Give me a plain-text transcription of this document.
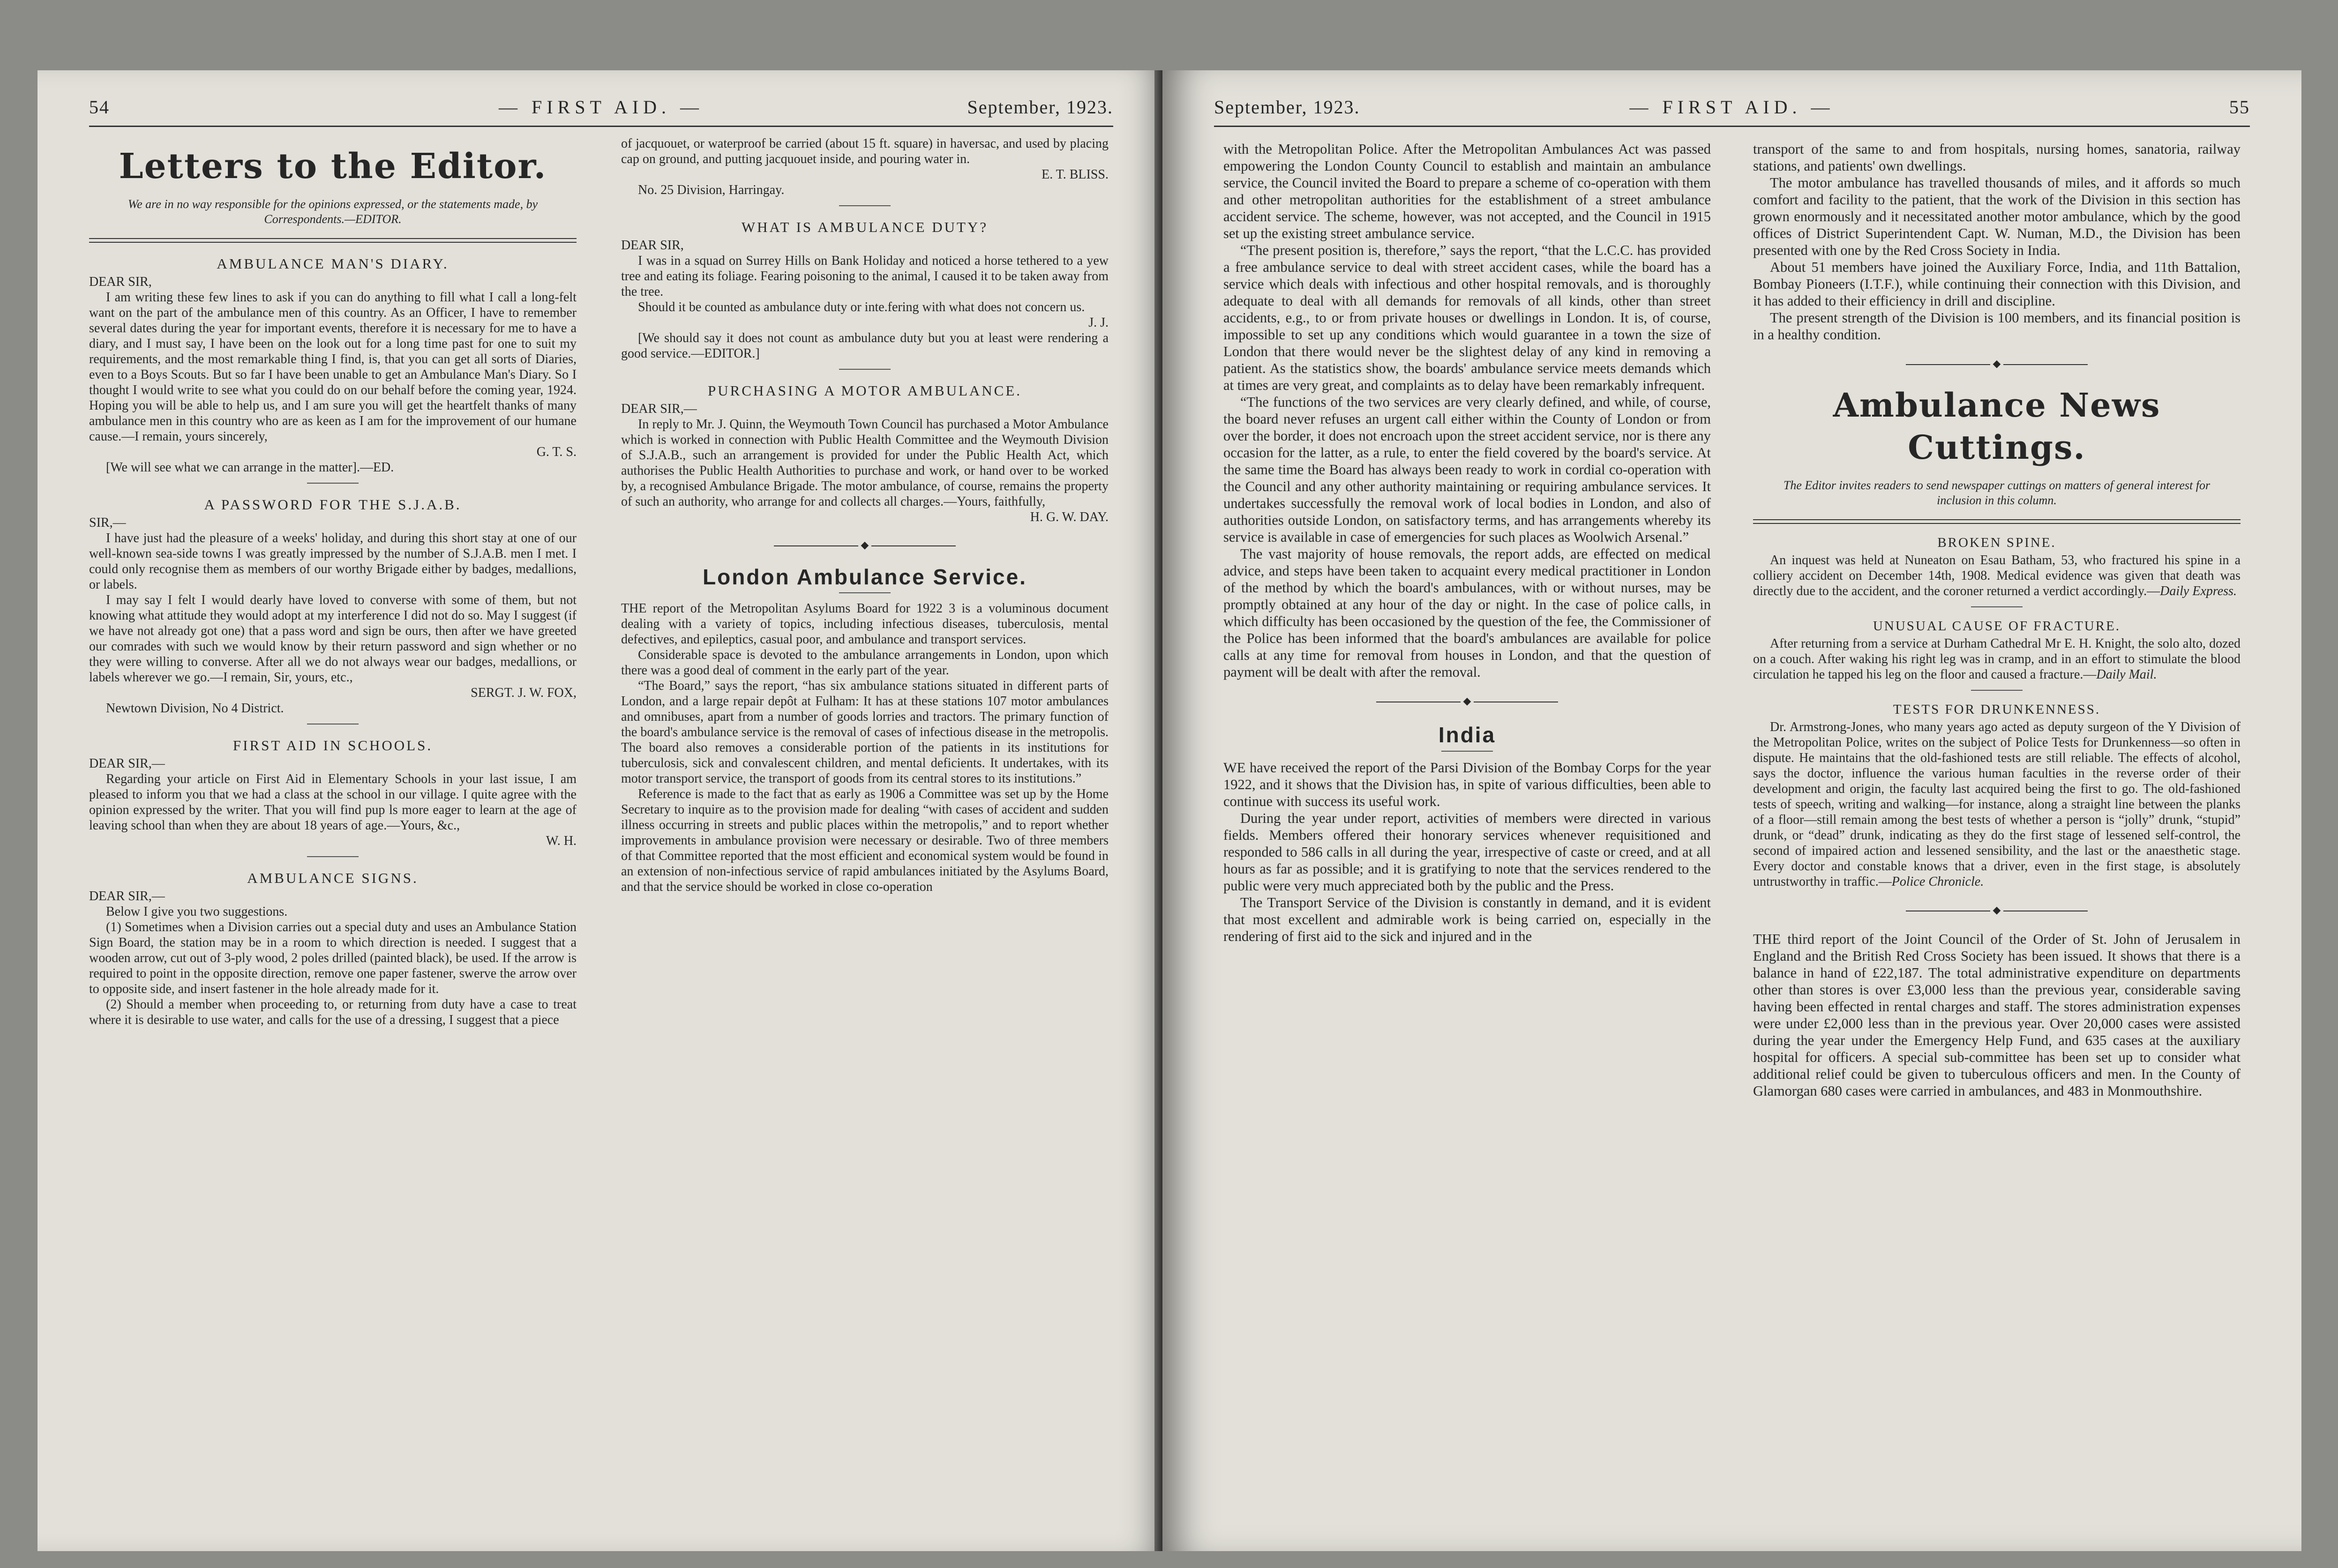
54	— FIRST AID. —	September, 1923.
Letters to the Editor.
We are in no way responsible for the opinions expressed, or the statements made, by Correspondents.—EDITOR.
AMBULANCE MAN'S DIARY.

DEAR SIR,

I am writing these few lines to ask if you can do anything to fill what I call a long-felt want on the part of the ambulance men of this country. As an Officer, I have to remember several dates during the year for important events, therefore it is necessary for me to have a diary, and I must say, I have been on the look out for a long time past for one to suit my requirements, and the most remarkable thing I find, is, that you can get all sorts of Diaries, even to a Boys Scouts. But so far I have been unable to get an Ambulance Man's Diary. So I thought I would write to see what you could do on our behalf before the coming year, 1924. Hoping you will be able to help us, and I am sure you will get the heartfelt thanks of many ambulance men in this country who are as keen as I am for the improvement of our humane cause.—I remain, yours sincerely,

G. T. S.

[We will see what we can arrange in the matter].—ED.

A PASSWORD FOR THE S.J.A.B.

SIR,—

I have just had the pleasure of a weeks' holiday, and during this short stay at one of our well-known sea-side towns I was greatly impressed by the number of S.J.A.B. men I met. I could only recognise them as members of our worthy Brigade either by badges, medallions, or labels.

I may say I felt I would dearly have loved to converse with some of them, but not knowing what attitude they would adopt at my interference I did not do so. May I suggest (if we have not already got one) that a pass word and sign be ours, then after we have greeted our comrades with such we would know by their return password and sign whether or no they were willing to converse. After all we do not always wear our badges, medallions, or labels wherever we go.—I remain, Sir, yours, etc.,

SERGT. J. W. FOX,

Newtown Division, No 4 District.

FIRST AID IN SCHOOLS.

DEAR SIR,—

Regarding your article on First Aid in Elementary Schools in your last issue, I am pleased to inform you that we had a class at the school in our village. I quite agree with the opinion expressed by the writer. That you will find pup ls more eager to learn at the age of leaving school than when they are about 18 years of age.—Yours, &c.,

W. H.

AMBULANCE SIGNS.

DEAR SIR,—

Below I give you two suggestions.

(1) Sometimes when a Division carries out a special duty and uses an Ambulance Station Sign Board, the station may be in a room to which direction is needed. I suggest that a wooden arrow, cut out of 3-ply wood, 2 poles drilled (painted black), be used. If the arrow is required to point in the opposite direction, remove one paper fastener, swerve the arrow over to opposite side, and insert fastener in the hole already made for it.

(2) Should a member when proceeding to, or returning from duty have a case to treat where it is desirable to use water, and calls for the use of a dressing, I suggest that a piece

of jacquouet, or waterproof be carried (about 15 ft. square) in haversac, and used by placing cap on ground, and putting jacquouet inside, and pouring water in.

E. T. BLISS.

No. 25 Division, Harringay.

WHAT IS AMBULANCE DUTY?

DEAR SIR,

I was in a squad on Surrey Hills on Bank Holiday and noticed a horse tethered to a yew tree and eating its foliage. Fearing poisoning to the animal, I caused it to be taken away from the tree.

Should it be counted as ambulance duty or inte.fering with what does not concern us.

J. J.

[We should say it does not count as ambulance duty but you at least were rendering a good service.—EDITOR.]

PURCHASING A MOTOR AMBULANCE.

DEAR SIR,—

In reply to Mr. J. Quinn, the Weymouth Town Council has purchased a Motor Ambulance which is worked in connection with Public Health Committee and the Weymouth Division of S.J.A.B., such an arrangement is provided for under the Public Health Act, which authorises the Public Health Authorities to purchase and work, or hand over to be worked by, a recognised Ambulance Brigade. The motor ambulance, of course, remains the property of such an authority, who arrange for and collects all charges.—Yours, faithfully,

H. G. W. DAY.

◆
London Ambulance Service.

THE report of the Metropolitan Asylums Board for 1922 3 is a voluminous document dealing with a variety of topics, including infectious diseases, tuberculosis, mental defectives, and epileptics, casual poor, and ambulance and transport services.

Considerable space is devoted to the ambulance arrangements in London, upon which there was a good deal of comment in the early part of the year.

“The Board,” says the report, “has six ambulance stations situated in different parts of London, and a large repair depôt at Fulham: It has at these stations 107 motor ambulances and omnibuses, apart from a number of goods lorries and tractors. The primary function of the board's ambulance service is the removal of cases of infectious disease in the metropolis. The board also removes a considerable portion of the patients in its institutions for tuberculosis, sick and convalescent children, and mental deficients. It undertakes, with its motor transport service, the transport of goods from its central stores to its institutions.”

Reference is made to the fact that as early as 1906 a Committee was set up by the Home Secretary to inquire as to the provision made for dealing “with cases of accident and sudden illness occurring in streets and public places within the metropolis,” and to report whether improvements in ambulance provision were necessary or desirable. Two of three members of that Committee reported that the most efficient and economical system would be found in an extension of non-infectious service of rapid ambulances initiated by the Asylums Board, and that the service should be worked in close co-operation

September, 1923.	— FIRST AID. —	55

with the Metropolitan Police. After the Metropolitan Ambulances Act was passed empowering the London County Council to establish and maintain an ambulance service, the Council invited the Board to prepare a scheme of co-operation with them and other metropolitan authorities for the establishment of a street ambulance accident service. The scheme, however, was not accepted, and the Council in 1915 set up the existing street ambulance service.

“The present position is, therefore,” says the report, “that the L.C.C. has provided a free ambulance service to deal with street accident cases, while the board has a service which deals with infectious and other hospital removals, and is thoroughly adequate to deal with all demands for removals of all kinds, other than street accidents, e.g., to or from private houses or dwellings in London. It is, of course, impossible to set up any conditions which would guarantee in a town the size of London that there would never be the slightest delay of any kind in removing a patient. As the statistics show, the boards' ambulance service meets demands which at times are very great, and complaints as to delay have been remarkably infrequent.

“The functions of the two services are very clearly defined, and while, of course, the board never refuses an urgent call either within the County of London or from over the border, it does not encroach upon the street accident service, nor is there any occasion for the latter, as a rule, to enter the field covered by the board's service. At the same time the Board has always been ready to work in cordial co-operation with the Council and any other authority maintaining or requiring ambulance services. It undertakes successfully the removal work of local bodies in London, and also of authorities outside London, on satisfactory terms, and has arrangements whereby its service is available in case of emergencies for such places as Woolwich Arsenal.”

The vast majority of house removals, the report adds, are effected on medical advice, and steps have been taken to acquaint every medical practitioner in London of the method by which the board's ambulances, with or without nurses, may be promptly obtained at any hour of the day or night. In the case of police calls, in which difficulty has been occasioned by the question of the fee, the Commissioner of the Police has been informed that the board's ambulances are available for police calls at any time for removal from houses in London, and that the question of payment will be dealt with after the removal.

◆
India

WE have received the report of the Parsi Division of the Bombay Corps for the year 1922, and it shows that the Division has, in spite of various difficulties, been able to continue with success its useful work.

During the year under report, activities of members were directed in various fields. Members offered their honorary services whenever requisitioned and responded to 586 calls in all during the year, irrespective of caste or creed, and at all hours as far as possible; and it is gratifying to note that the services rendered to the public were very much appreciated both by the public and the Press.

The Transport Service of the Division is constantly in demand, and it is evident that most excellent and admirable work is being carried on, especially in the rendering of first aid to the sick and injured and in the

transport of the same to and from hospitals, nursing homes, sanatoria, railway stations, and patients' own dwellings.

The motor ambulance has travelled thousands of miles, and it affords so much comfort and facility to the patient, that the work of the Division in this section has grown enormously and it necessitated another motor ambulance, which by the good offices of District Superintendent Capt. W. Numan, M.D., the Division has been presented with one by the Red Cross Society in India.

About 51 members have joined the Auxiliary Force, India, and 11th Battalion, Bombay Pioneers (I.T.F.), while continuing their connection with this Division, and it has added to their efficiency in drill and discipline.

The present strength of the Division is 100 members, and its financial position is in a healthy condition.

◆
Ambulance News Cuttings.
The Editor invites readers to send newspaper cuttings on matters of general interest for inclusion in this column.
BROKEN SPINE.

An inquest was held at Nuneaton on Esau Batham, 53, who fractured his spine in a colliery accident on December 14th, 1908. Medical evidence was given that death was directly due to the accident, and the coroner returned a verdict accordingly.—Daily Express.

UNUSUAL CAUSE OF FRACTURE.

After returning from a service at Durham Cathedral Mr E. H. Knight, the solo alto, dozed on a couch. After waking his right leg was in cramp, and in an effort to stimulate the blood circulation he tapped his leg on the floor and caused a fracture.—Daily Mail.

TESTS FOR DRUNKENNESS.

Dr. Armstrong-Jones, who many years ago acted as deputy surgeon of the Y Division of the Metropolitan Police, writes on the subject of Police Tests for Drunkenness—so often in dispute. He maintains that the old-fashioned tests are still reliable. The effects of alcohol, says the doctor, influence the various human faculties in the reverse order of their development and origin, the faculty last acquired being the first to go. The old-fashioned tests of speech, writing and walking—for instance, along a straight line between the planks of a floor—still remain among the best tests of whether a person is “jolly” drunk, “stupid” drunk, or “dead” drunk, indicating as they do the first stage of lessened self-control, the second of impaired action and lessened sensibility, and the last or the anaesthetic stage. Every doctor and constable knows that a driver, even in the first stage, is absolutely untrustworthy in traffic.—Police Chronicle.

◆

THE third report of the Joint Council of the Order of St. John of Jerusalem in England and the British Red Cross Society has been issued. It shows that there is a balance in hand of £22,187. The total administrative expenditure on departments other than stores is over £3,000 less than the previous year, considerable saving having been effected in rental charges and staff. The stores administration expenses were under £2,000 less than in the previous year. Over 20,000 cases were assisted during the year under the Emergency Help Fund, and 635 cases at the auxiliary hospital for officers. A special sub-committee has been set up to consider what additional relief could be given to tuberculous officers and men. In the County of Glamorgan 680 cases were carried in ambulances, and 483 in Monmouthshire.
